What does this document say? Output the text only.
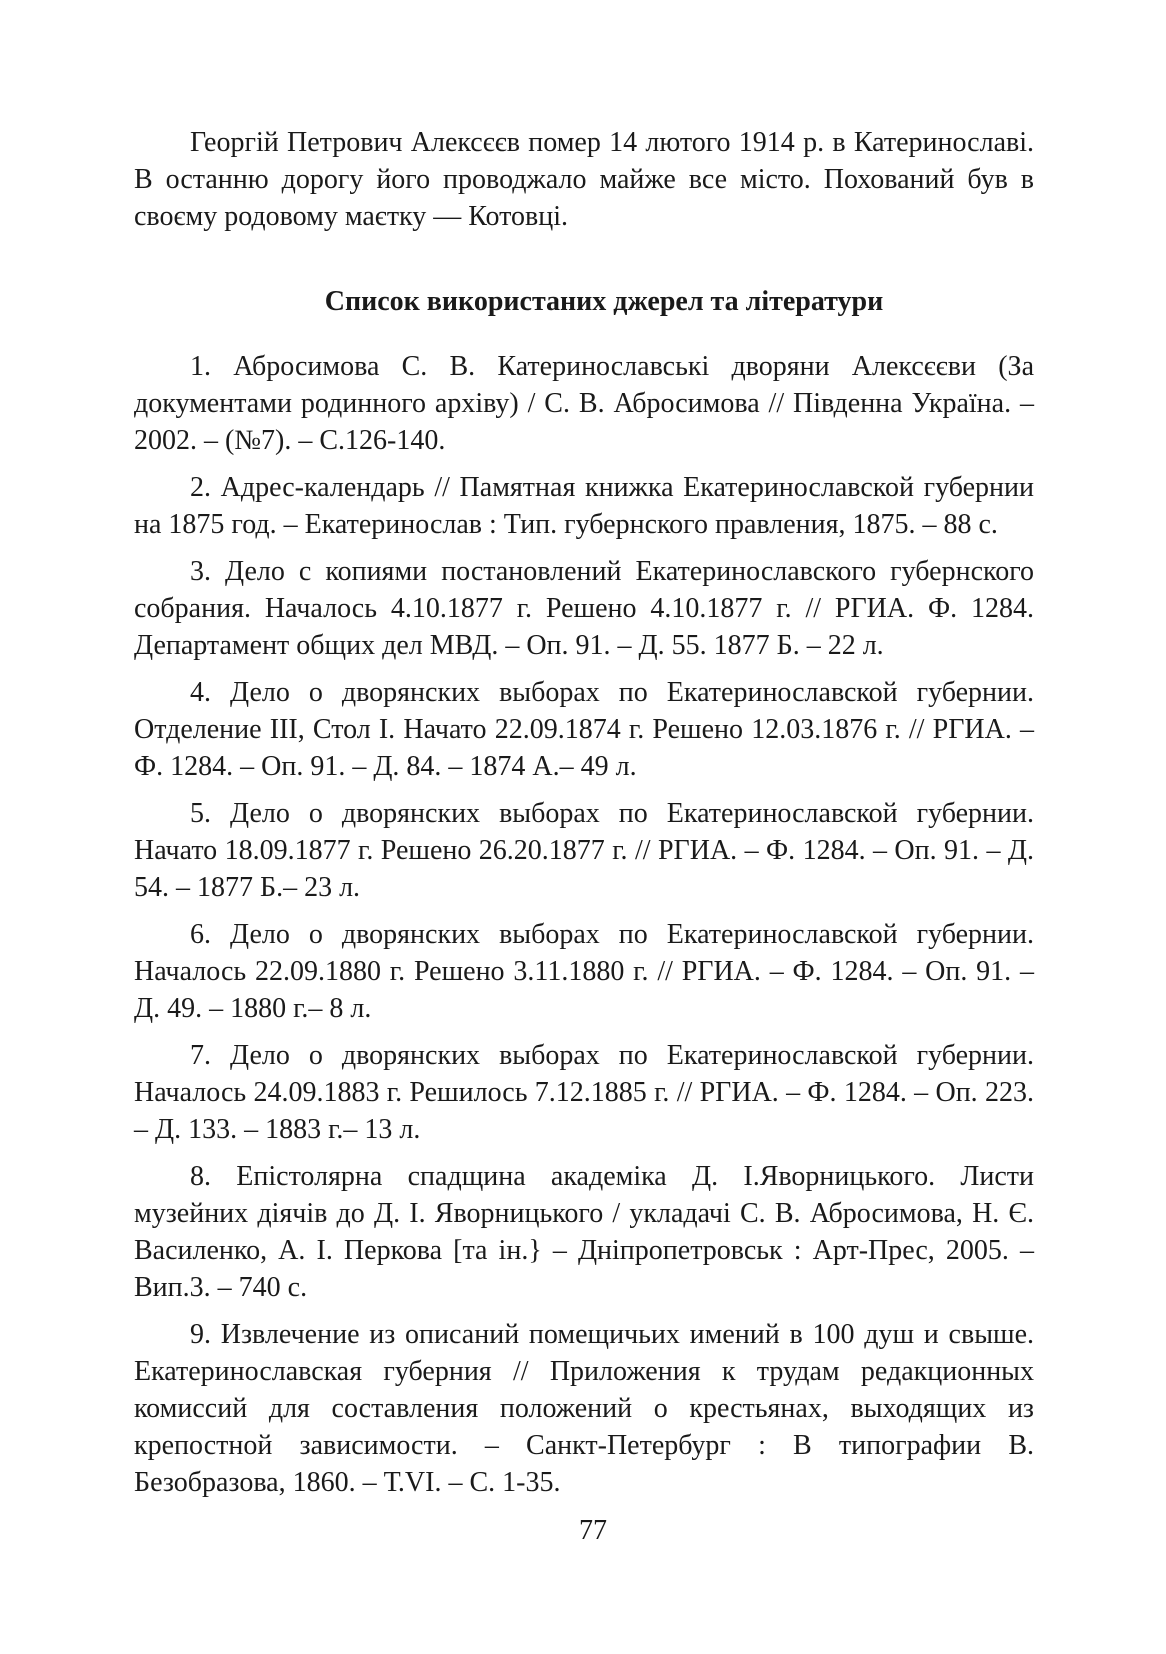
Георгій Петрович Алексєєв помер 14 лютого 1914 р. в Катеринославі. В останню дорогу його проводжало майже все місто. Похований був в своєму родовому маєтку — Котовці.

Список використаних джерел та літератури
1. Абросимова С. В. Катеринославські дворяни Алексєєви (За документами родинного архіву) / С. В. Абросимова // Південна Україна. – 2002. – (№7). – С.126-140.
2. Адрес-календарь // Памятная книжка Екатеринославской губернии на 1875 год. – Екатеринослав : Тип. губернского правления, 1875. – 88 с.
3. Дело с копиями постановлений Екатеринославского губернского собрания. Началось 4.10.1877 г. Решено 4.10.1877 г. // РГИА. Ф. 1284. Департамент общих дел МВД. – Оп. 91. – Д. 55. 1877 Б. – 22 л.
4. Дело о дворянских выборах по Екатеринославской губернии. Отделение III, Стол I. Начато 22.09.1874 г. Решено 12.03.1876 г. // РГИА. – Ф. 1284. – Оп. 91. – Д. 84. – 1874 А.– 49 л.
5. Дело о дворянских выборах по Екатеринославской губернии. Начато 18.09.1877 г. Решено 26.20.1877 г. // РГИА. – Ф. 1284. – Оп. 91. – Д. 54. – 1877 Б.– 23 л.
6. Дело о дворянских выборах по Екатеринославской губернии. Началось 22.09.1880 г. Решено 3.11.1880 г. // РГИА. – Ф. 1284. – Оп. 91. – Д. 49. – 1880 г.– 8 л.
7. Дело о дворянских выборах по Екатеринославской губернии. Началось 24.09.1883 г. Решилось 7.12.1885 г. // РГИА. – Ф. 1284. – Оп. 223. – Д. 133. – 1883 г.– 13 л.
8. Епістолярна спадщина академіка Д. І.Яворницького. Листи музейних діячів до Д. І. Яворницького / укладачі С. В. Абросимова, Н. Є. Василенко, А. І. Перкова [та ін.} – Дніпропетровськ : Арт-Прес, 2005. – Вип.3. – 740 с.
9. Извлечение из описаний помещичьих имений в 100 душ и свыше. Екатеринославская губерния // Приложения к трудам редакционных комиссий для составления положений о крестьянах, выходящих из крепостной зависимости. – Санкт-Петербург : В типографии В. Безобразова, 1860. – Т.VI. – С. 1-35.
77
